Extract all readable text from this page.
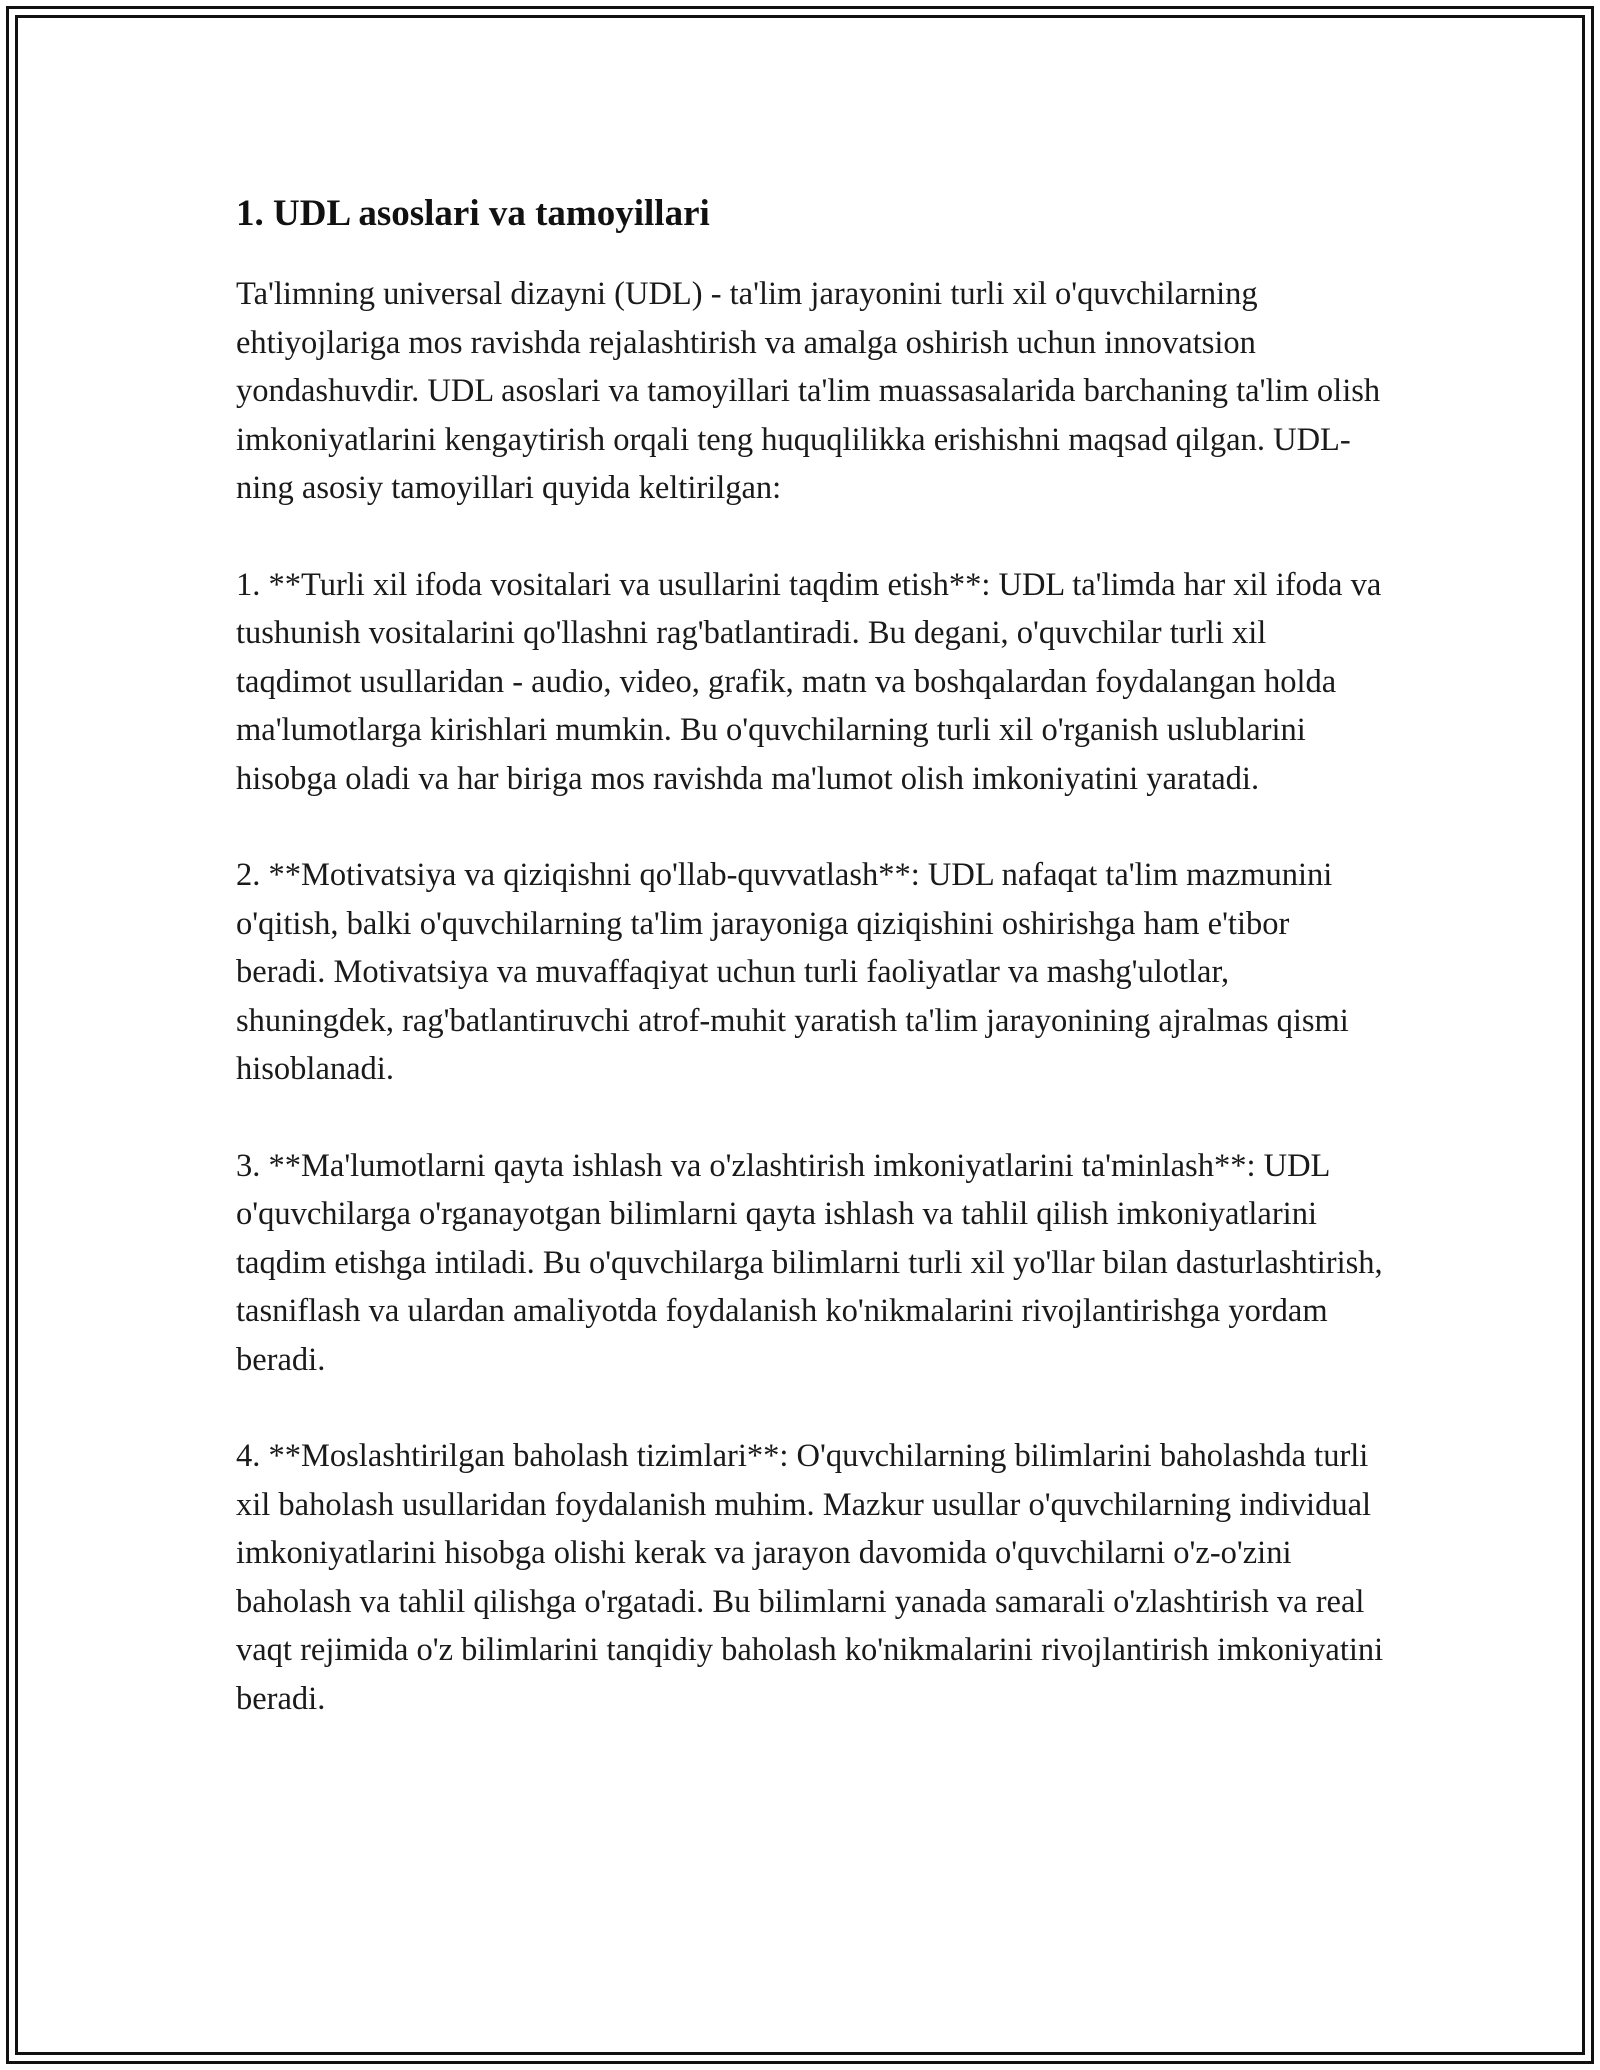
1. UDL asoslari va tamoyillari

Ta'limning universal dizayni (UDL) - ta'lim jarayonini turli xil o'quvchilarning ehtiyojlariga mos ravishda rejalashtirish va amalga oshirish uchun innovatsion yondashuvdir. UDL asoslari va tamoyillari ta'lim muassasalarida barchaning ta'lim olish imkoniyatlarini kengaytirish orqali teng huquqlilikka erishishni maqsad qilgan. UDL-ning asosiy tamoyillari quyida keltirilgan:

1. **Turli xil ifoda vositalari va usullarini taqdim etish**: UDL ta'limda har xil ifoda va tushunish vositalarini qo'llashni rag'batlantiradi. Bu degani, o'quvchilar turli xil taqdimot usullaridan - audio, video, grafik, matn va boshqalardan foydalangan holda ma'lumotlarga kirishlari mumkin. Bu o'quvchilarning turli xil o'rganish uslublarini hisobga oladi va har biriga mos ravishda ma'lumot olish imkoniyatini yaratadi.

2. **Motivatsiya va qiziqishni qo'llab-quvvatlash**: UDL nafaqat ta'lim mazmunini o'qitish, balki o'quvchilarning ta'lim jarayoniga qiziqishini oshirishga ham e'tibor beradi. Motivatsiya va muvaffaqiyat uchun turli faoliyatlar va mashg'ulotlar, shuningdek, rag'batlantiruvchi atrof-muhit yaratish ta'lim jarayonining ajralmas qismi hisoblanadi.

3. **Ma'lumotlarni qayta ishlash va o'zlashtirish imkoniyatlarini ta'minlash**: UDL o'quvchilarga o'rganayotgan bilimlarni qayta ishlash va tahlil qilish imkoniyatlarini taqdim etishga intiladi. Bu o'quvchilarga bilimlarni turli xil yo'llar bilan dasturlashtirish, tasniflash va ulardan amaliyotda foydalanish ko'nikmalarini rivojlantirishga yordam beradi.

4. **Moslashtirilgan baholash tizimlari**: O'quvchilarning bilimlarini baholashda turli xil baholash usullaridan foydalanish muhim. Mazkur usullar o'quvchilarning individual imkoniyatlarini hisobga olishi kerak va jarayon davomida o'quvchilarni o'z-o'zini baholash va tahlil qilishga o'rgatadi. Bu bilimlarni yanada samarali o'zlashtirish va real vaqt rejimida o'z bilimlarini tanqidiy baholash ko'nikmalarini rivojlantirish imkoniyatini beradi.
